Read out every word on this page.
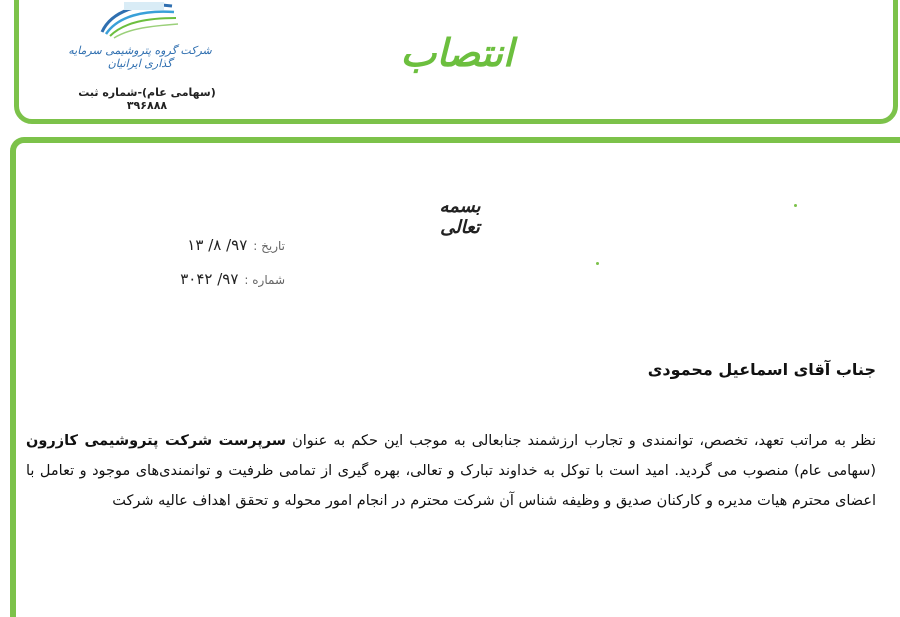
شرکت گروه پتروشیمی سرمایه گذاری ایرانیان
(سهامی عام)-شماره ثبت ۳۹۶۸۸۸
انتصاب
بسمه تعالی
تاریخ :
۹۷/ ۸/ ۱۳
شماره :
۹۷/ ۳۰۴۲
جناب آقای اسماعیل محمودی
نظر به مراتب تعهد، تخصص، توانمندی و تجارب ارزشمند جنابعالی به موجب این حکم به عنوان سرپرست شرکت پتروشیمی کازرون (سهامی عام) منصوب می گردید. امید است با توکل به خداوند تبارک و تعالی، بهره گیری از تمامی ظرفیت و توانمندی‌های موجود و تعامل با اعضای محترم هیات مدیره و کارکنان صدیق و وظیفه شناس آن شرکت محترم در انجام امور محوله و تحقق اهداف عالیه شرکت
